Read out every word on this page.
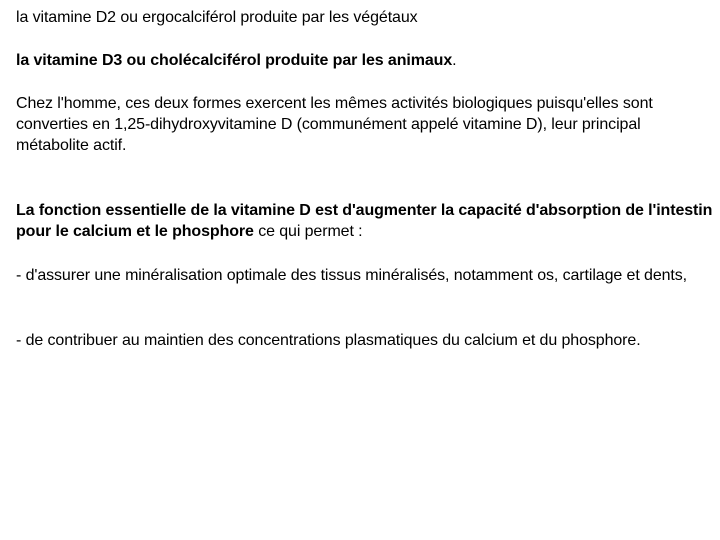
la vitamine D2 ou ergocalciférol produite par les végétaux

la vitamine D3 ou cholécalciférol produite par les animaux.

Chez l'homme, ces deux formes exercent les mêmes activités biologiques puisqu'elles sont converties en 1,25-dihydroxyvitamine D (communément appelé vitamine D), leur principal métabolite actif.

La fonction essentielle de la vitamine D est d'augmenter la capacité d'absorption de l'intestin pour le calcium et le phosphore ce qui permet :

- d'assurer une minéralisation optimale des tissus minéralisés, notamment os, cartilage et dents,

- de contribuer au maintien des concentrations plasmatiques du calcium et du phosphore.
